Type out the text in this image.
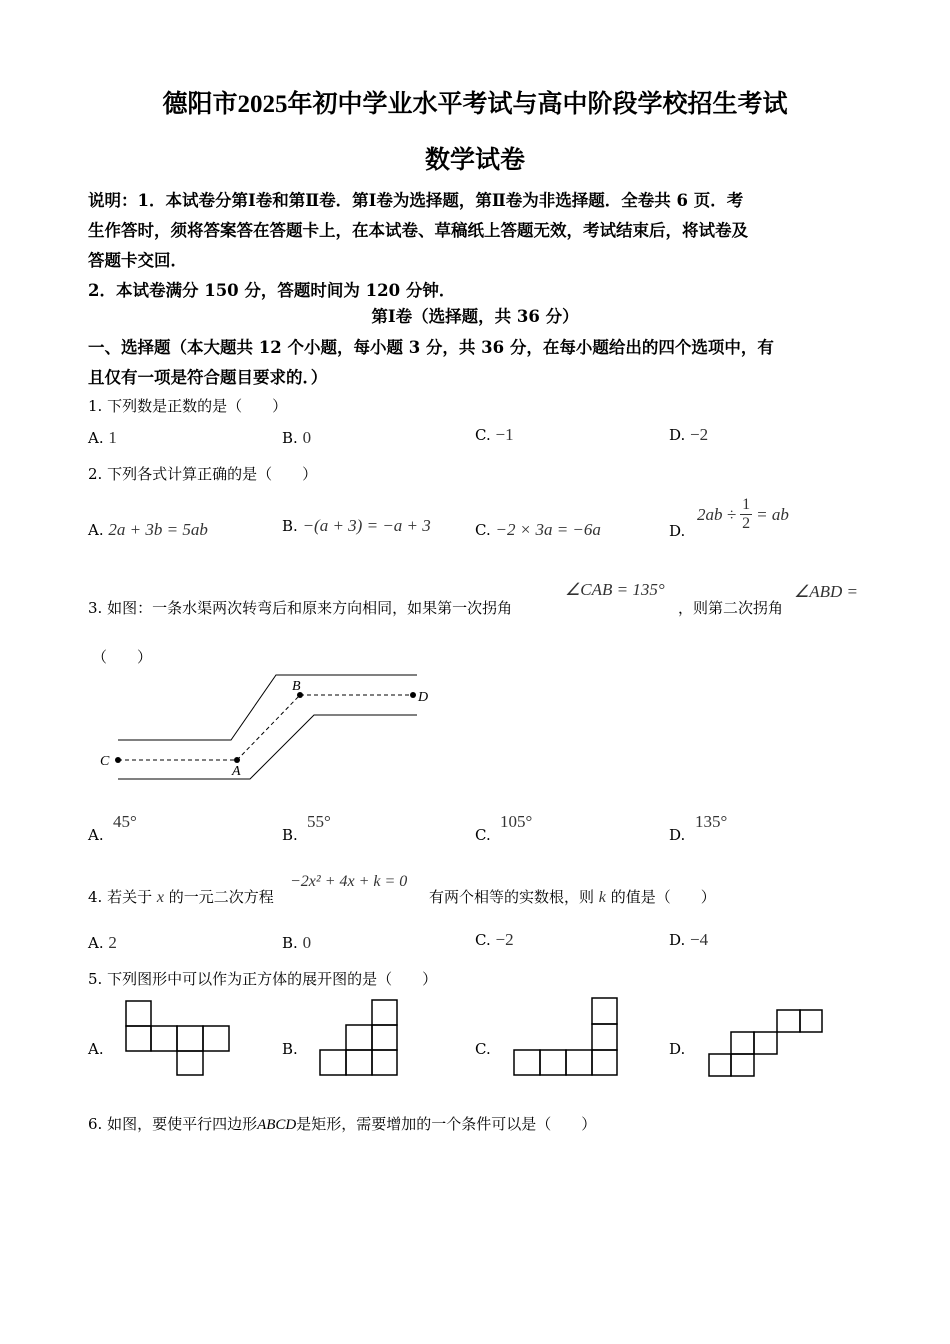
德阳市2025年初中学业水平考试与高中阶段学校招生考试
数学试卷
说明：1．本试卷分第Ⅰ卷和第Ⅱ卷．第Ⅰ卷为选择题，第Ⅱ卷为非选择题．全卷共 6 页．考
生作答时，须将答案答在答题卡上，在本试卷、草稿纸上答题无效，考试结束后，将试卷及
答题卡交回．
2．本试卷满分 150 分，答题时间为 120 分钟．
第Ⅰ卷（选择题，共 36 分）
一、选择题（本大题共 12 个小题，每小题 3 分，共 36 分，在每小题给出的四个选项中，有
且仅有一项是符合题目要求的．）
1. 下列数是正数的是（　　）
A. 1	B. 0	C. −1	D. −2
2. 下列各式计算正确的是（　　）
A. 2a + 3b = 5ab	B. −(a + 3) = −a + 3	C. −2 × 3a = −6a	D.
2ab ÷ 1
2 = ab
3. 如图：一条水渠两次转弯后和原来方向相同，如果第一次拐角
∠CAB = 135°
，则第二次拐角
∠ABD =
（　　）
C
A
B
D
A.
45°
B.
55°
C.
105°
D.
135°
4. 若关于 x 的一元二次方程
−2x² + 4x + k = 0
有两个相等的实数根，则 k 的值是（　　）
A. 2	B. 0	C. −2	D. −4
5. 下列图形中可以作为正方体的展开图的是（　　）
A.	B.	C.	D.
6. 如图，要使平行四边形ABCD是矩形，需要增加的一个条件可以是（　　）
